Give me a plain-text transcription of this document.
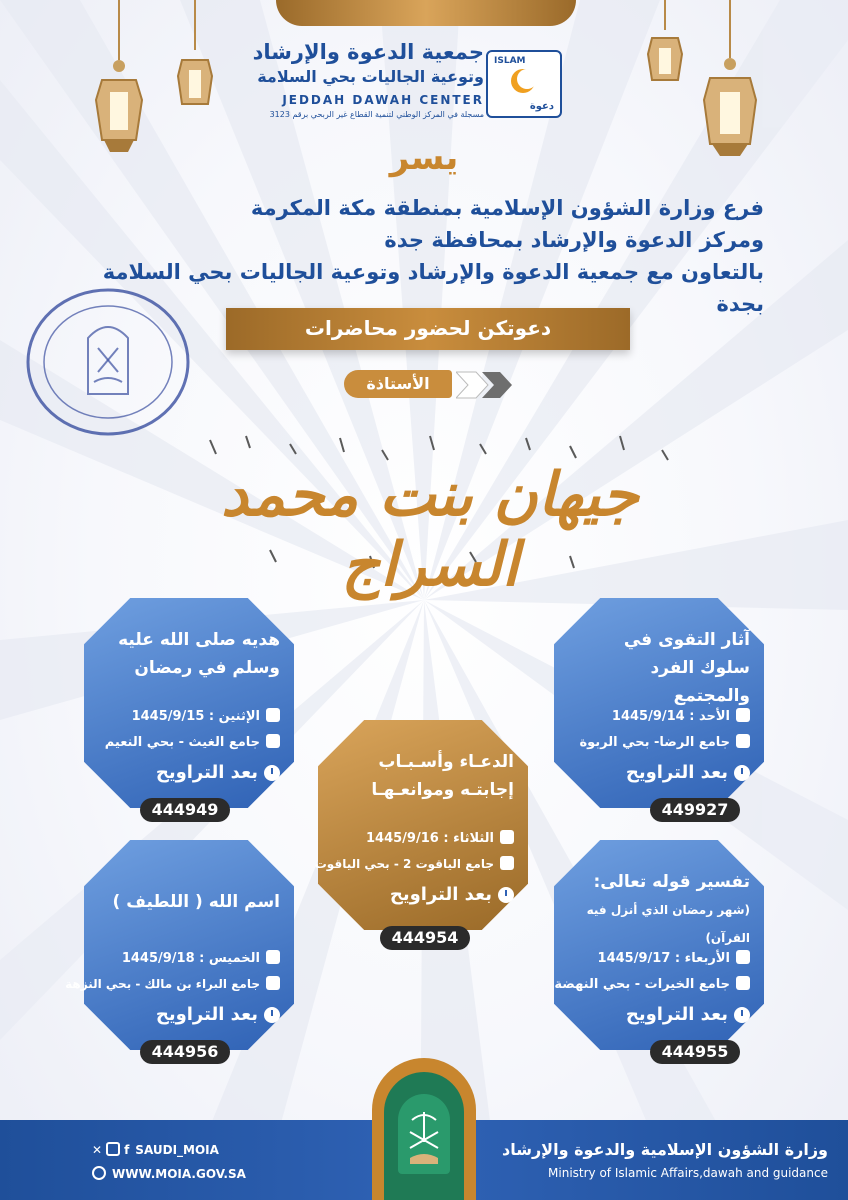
جمعية الدعوة والإرشاد
وتوعية الجاليات بحي السلامة
JEDDAH DAWAH CENTER
مسجلة في المركز الوطني لتنمية القطاع غير الربحي برقم 3123
ISLAM
دعوة
يسر
فرع وزارة الشؤون الإسلامية بمنطقة مكة المكرمة
ومركز الدعوة والإرشاد بمحافظة جدة
بالتعاون مع جمعية الدعوة والإرشاد وتوعية الجاليات بحي السلامة بجدة
دعوتكن لحضور محاضرات
الأستاذة
جيهان بنت محمد السراج
آثار التقوى في
سلوك الفرد والمجتمع
الأحد : 1445/9/14
جامع الرضا- بحي الربوة
بعد التراويح
449927
هديه صلى الله عليه
وسلم في رمضان
الإثنين : 1445/9/15
جامع الغيث - بحي النعيم
بعد التراويح
444949
الدعـاء وأسـبـاب
إجابتـه وموانعـهـا
الثلاثاء : 1445/9/16
جامع الياقوت 2 - بحي الياقوت
بعد التراويح
444954
تفسير قوله تعالى:
(شهر رمضان الذي أنزل فيه القرآن)
الأربعاء : 1445/9/17
جامع الخيرات - بحي النهضة
بعد التراويح
444955
اسم الله ( اللطيف )
الخميس : 1445/9/18
جامع البراء بن مالك - بحي النزهة
بعد التراويح
444956
✕ f SAUDI_MOIA
WWW.MOIA.GOV.SA
وزارة الشؤون الإسلامية والدعوة والإرشاد
Ministry of Islamic Affairs,dawah and guidance
